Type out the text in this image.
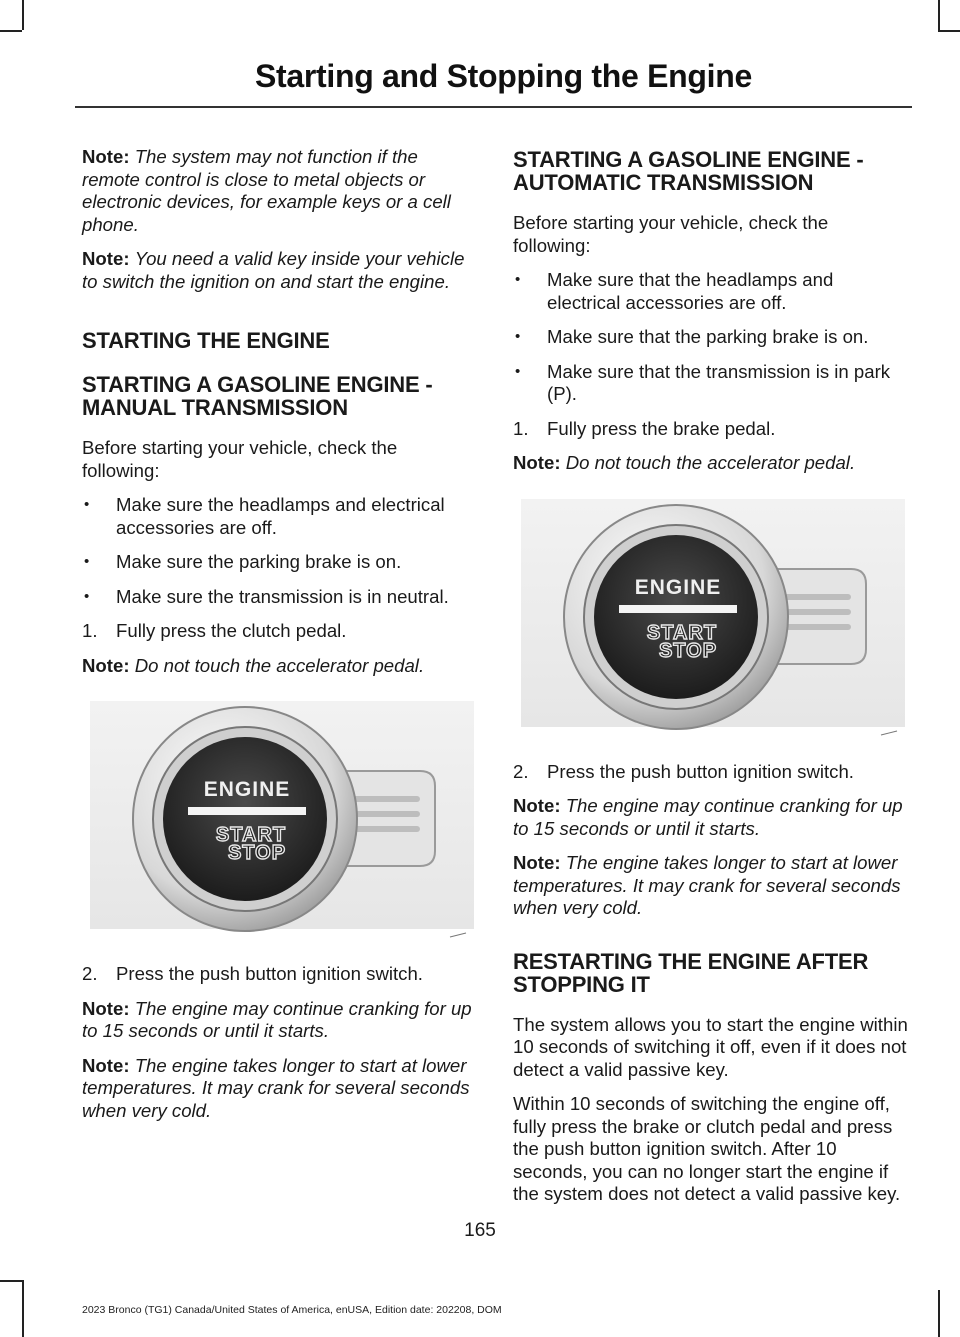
Starting and Stopping the Engine

Note: The system may not function if the remote control is close to metal objects or electronic devices, for example keys or a cell phone.

Note: You need a valid key inside your vehicle to switch the ignition on and start the engine.

STARTING THE ENGINE
STARTING A GASOLINE ENGINE - MANUAL TRANSMISSION

Before starting your vehicle, check the following:

• Make sure the headlamps and electrical accessories are off.
• Make sure the parking brake is on.
• Make sure the transmission is in neutral.
1. Fully press the clutch pedal.

Note: Do not touch the accelerator pedal.

ENGINE
START
STOP
2. Press the push button ignition switch.

Note: The engine may continue cranking for up to 15 seconds or until it starts.

Note: The engine takes longer to start at lower temperatures. It may crank for several seconds when very cold.

STARTING A GASOLINE ENGINE - AUTOMATIC TRANSMISSION

Before starting your vehicle, check the following:

• Make sure that the headlamps and electrical accessories are off.
• Make sure that the parking brake is on.
• Make sure that the transmission is in park (P).
1. Fully press the brake pedal.

Note: Do not touch the accelerator pedal.

ENGINE
START
STOP
2. Press the push button ignition switch.

Note: The engine may continue cranking for up to 15 seconds or until it starts.

Note: The engine takes longer to start at lower temperatures. It may crank for several seconds when very cold.

RESTARTING THE ENGINE AFTER STOPPING IT

The system allows you to start the engine within 10 seconds of switching it off, even if it does not detect a valid passive key.

Within 10 seconds of switching the engine off, fully press the brake or clutch pedal and press the push button ignition switch. After 10 seconds, you can no longer start the engine if the system does not detect a valid passive key.

165
2023 Bronco (TG1) Canada/United States of America, enUSA, Edition date: 202208, DOM
